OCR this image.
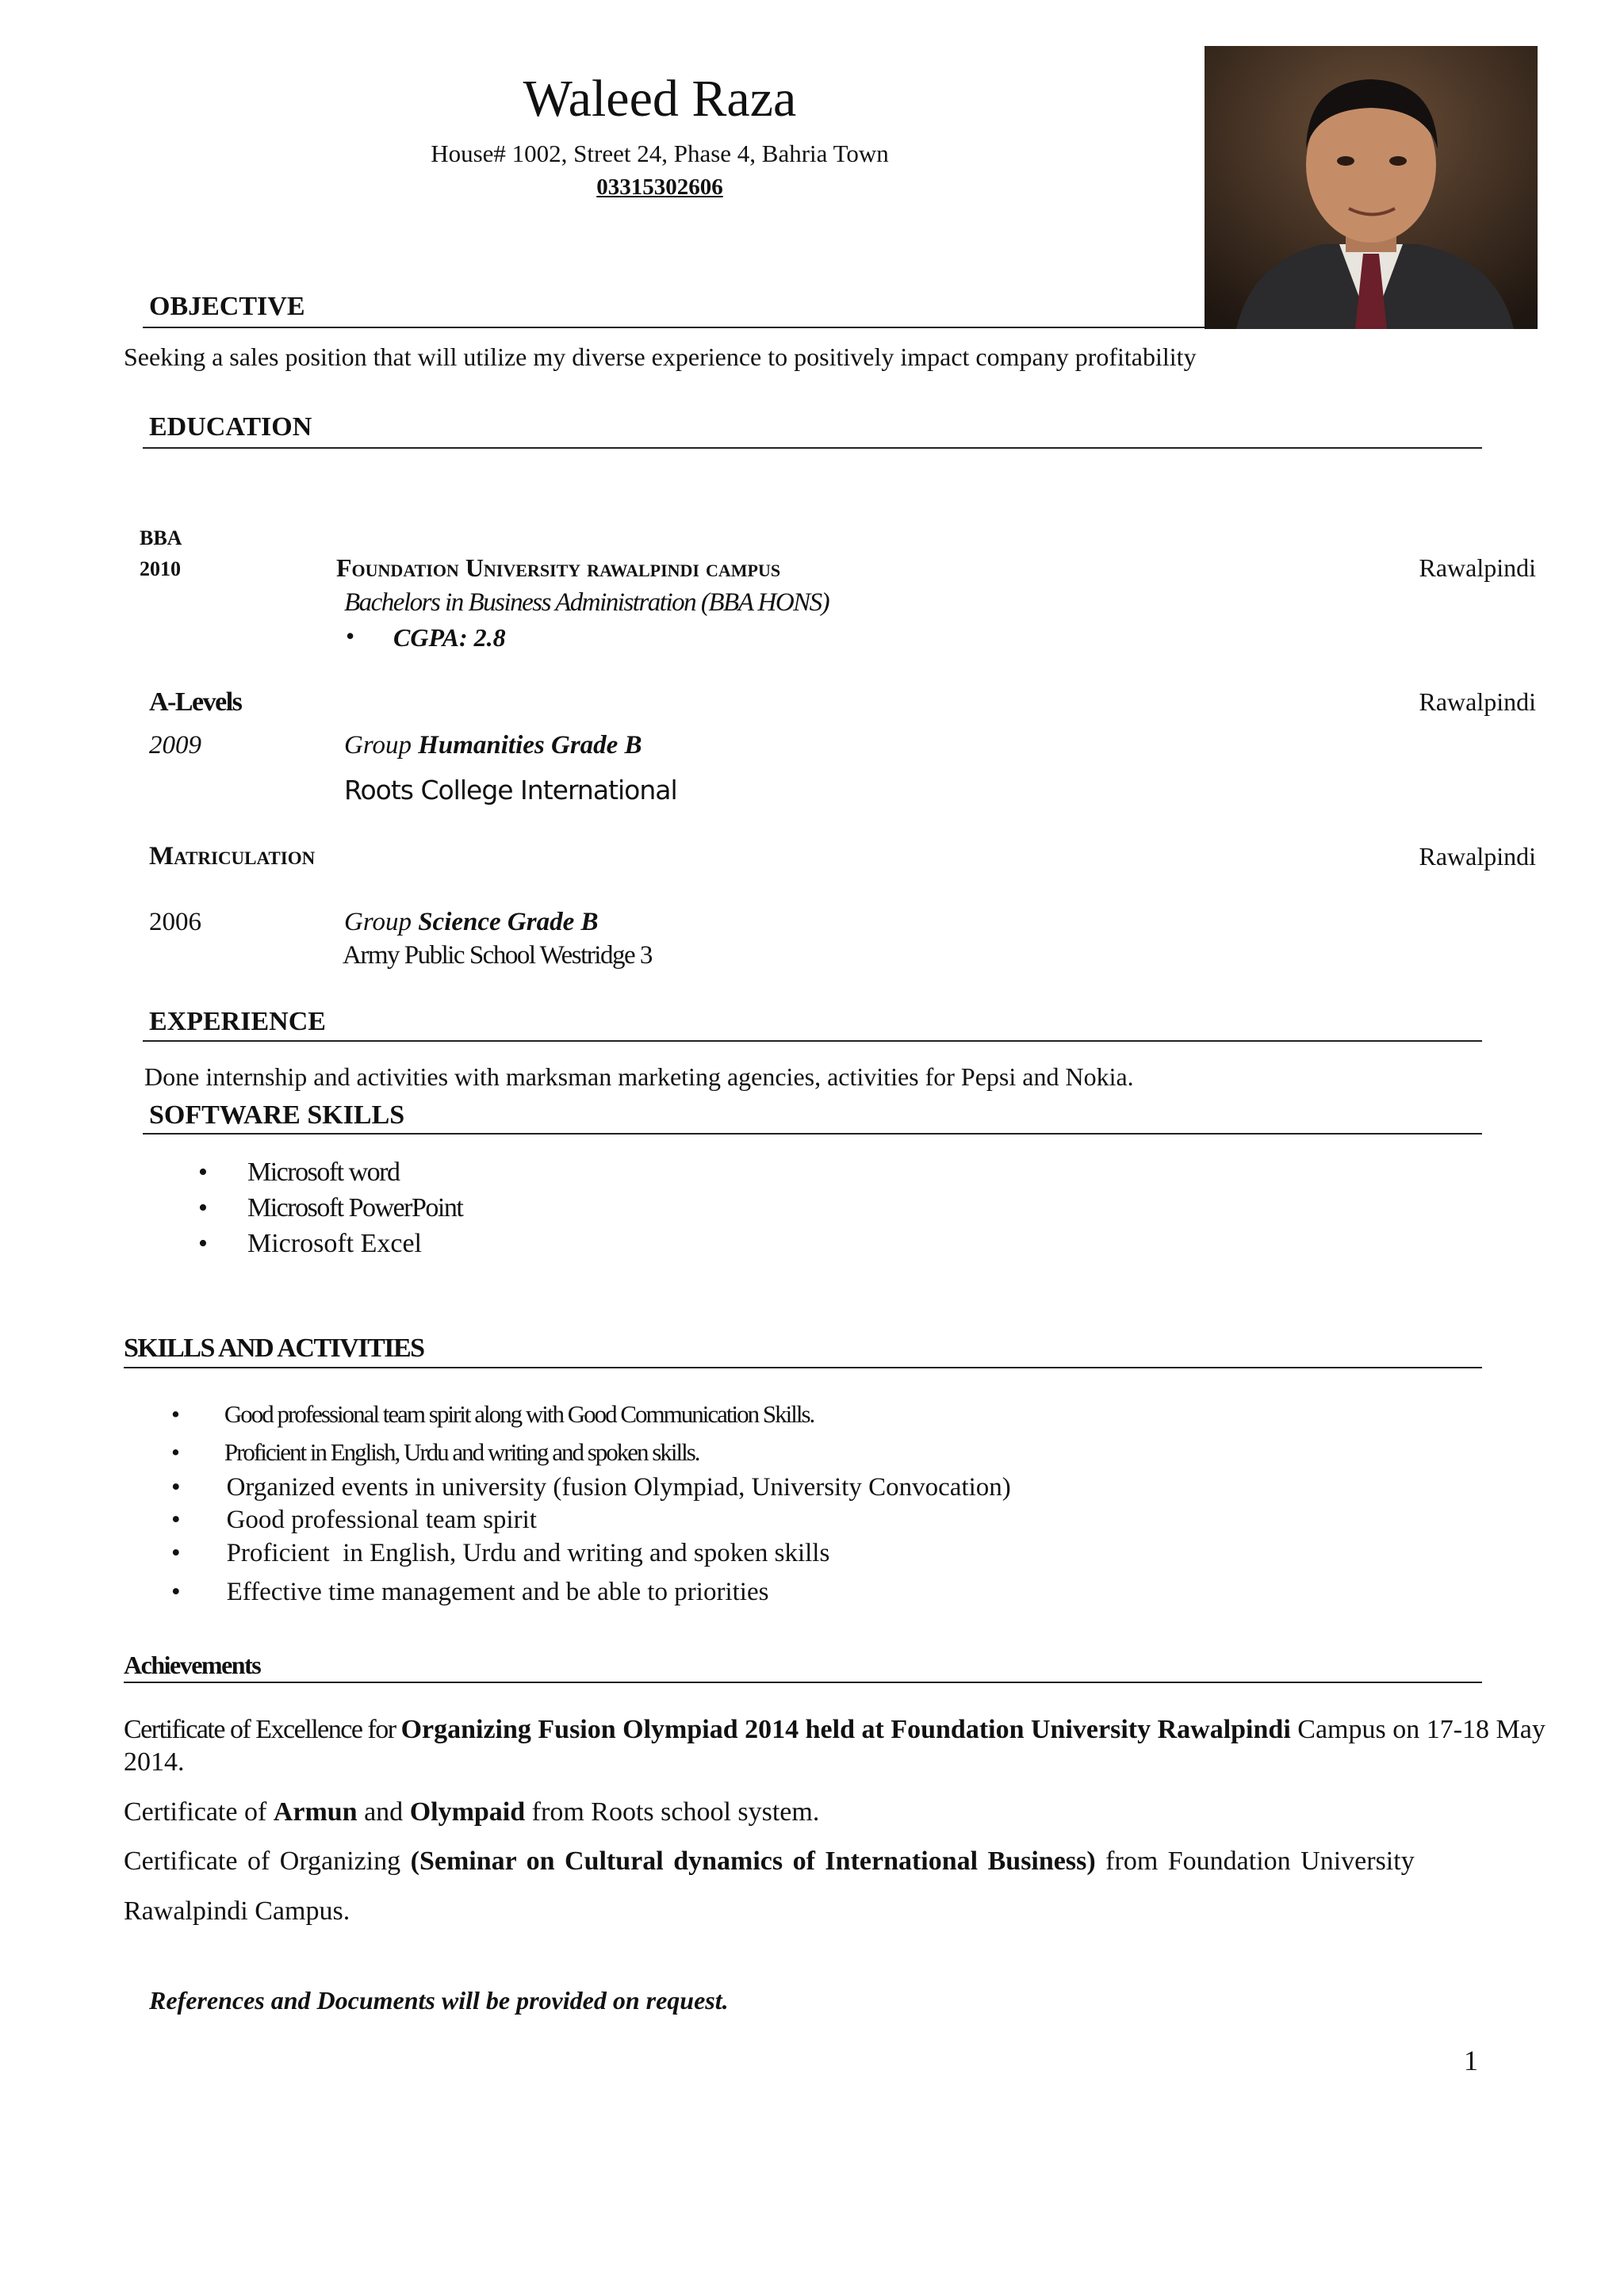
Waleed Raza
House# 1002, Street 24, Phase 4, Bahria Town
03315302606
OBJECTIVE
Seeking a sales position that will utilize my diverse experience to positively impact company profitability
EDUCATION
BBA
2010	Foundation University rawalpindi campus	Rawalpindi
Bachelors in Business Administration (BBA HONS)
• CGPA: 2.8
A-Levels	Rawalpindi
2009	Group Humanities Grade B
Roots College International
Matriculation	Rawalpindi
2006	Group Science Grade B
Army Public School Westridge 3
EXPERIENCE
Done internship and activities with marksman marketing agencies, activities for Pepsi and Nokia.
SOFTWARE SKILLS
• Microsoft word
• Microsoft PowerPoint
• Microsoft Excel
SKILLS AND ACTIVITIES
• Good professional team spirit along with Good Communication Skills.
• Proficient in English, Urdu and writing and spoken skills.
• Organized events in university (fusion Olympiad, University Convocation)
• Good professional team spirit
• Proficient  in English, Urdu and writing and spoken skills
• Effective time management and be able to priorities
Achievements
Certificate of Excellence for Organizing Fusion Olympiad 2014 held at Foundation University Rawalpindi Campus on 17-18 May
2014.
Certificate of Armun and Olympaid from Roots school system.
Certificate of Organizing (Seminar on Cultural dynamics of International Business) from Foundation University
Rawalpindi Campus.
References and Documents will be provided on request.
1
